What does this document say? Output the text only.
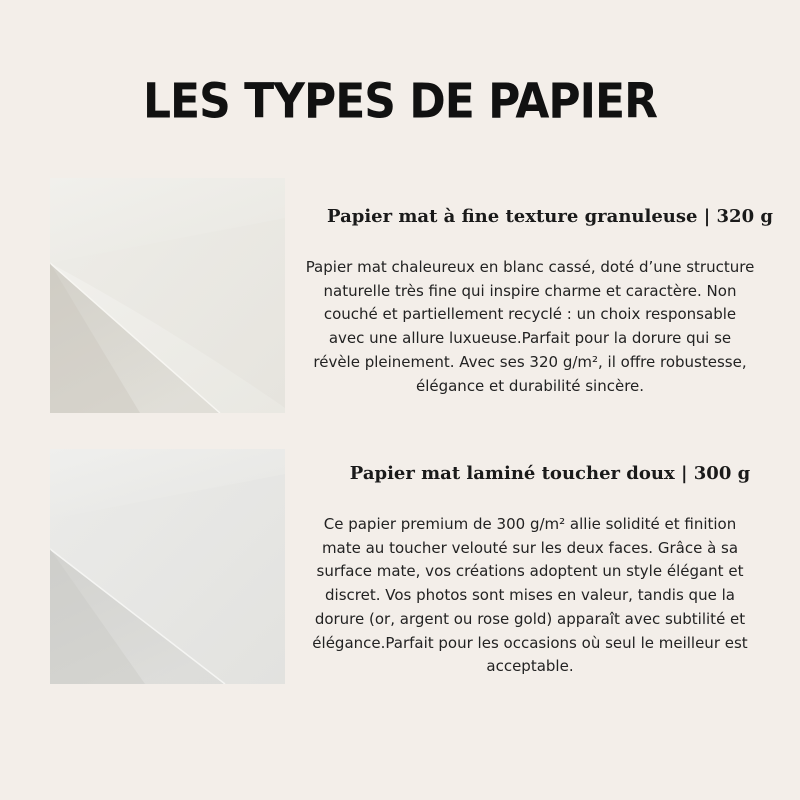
LES TYPES DE PAPIER
Papier mat à fine texture granuleuse | 320 g
Papier mat chaleureux en blanc cassé, doté d’une structure naturelle très fine qui inspire charme et caractère. Non couché et partiellement recyclé : un choix responsable avec une allure luxueuse.Parfait pour la dorure qui se révèle pleinement. Avec ses 320 g/m², il offre robustesse, élégance et durabilité sincère.
Papier mat laminé toucher doux | 300 g
Ce papier premium de 300 g/m² allie solidité et finition mate au toucher velouté sur les deux faces. Grâce à sa surface mate, vos créations adoptent un style élégant et discret. Vos photos sont mises en valeur, tandis que la dorure (or, argent ou rose gold) apparaît avec subtilité et élégance.Parfait pour les occasions où seul le meilleur est acceptable.
